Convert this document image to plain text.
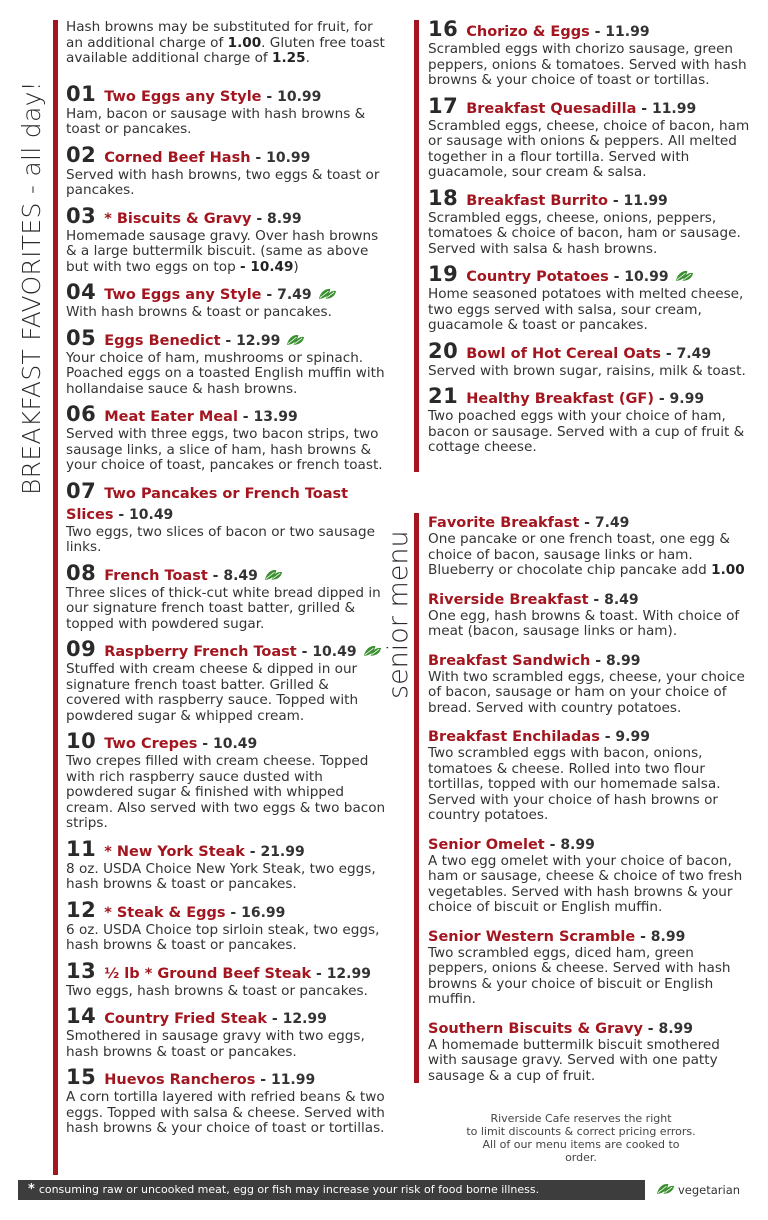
BREAKFAST FAVORITES - all day!
Hash browns may be substituted for fruit, for an additional charge of 1.00. Gluten free toast available additional charge of 1.25.
01 Two Eggs any Style - 10.99
Ham, bacon or sausage with hash browns & toast or pancakes.
02 Corned Beef Hash - 10.99
Served with hash browns, two eggs & toast or pancakes.
03 * Biscuits & Gravy - 8.99
Homemade sausage gravy. Over hash browns & a large buttermilk biscuit. (same as above but with two eggs on top - 10.49)
04 Two Eggs any Style - 7.49
With hash browns & toast or pancakes.
05 Eggs Benedict - 12.99
Your choice of ham, mushrooms or spinach. Poached eggs on a toasted English muffin with hollandaise sauce & hash browns.
06 Meat Eater Meal - 13.99
Served with three eggs, two bacon strips, two sausage links, a slice of ham, hash browns & your choice of toast, pancakes or french toast.
07 Two Pancakes or French Toast Slices - 10.49
Two eggs, two slices of bacon or two sausage links.
08 French Toast - 8.49
Three slices of thick-cut white bread dipped in our signature french toast batter, grilled & topped with powdered sugar.
09 Raspberry French Toast - 10.49
Stuffed with cream cheese & dipped in our signature french toast batter. Grilled & covered with raspberry sauce. Topped with powdered sugar & whipped cream.
10 Two Crepes - 10.49
Two crepes filled with cream cheese. Topped with rich raspberry sauce dusted with powdered sugar & finished with whipped cream. Also served with two eggs & two bacon strips.
11 * New York Steak - 21.99
8 oz. USDA Choice New York Steak, two eggs, hash browns & toast or pancakes.
12 * Steak & Eggs - 16.99
6 oz. USDA Choice top sirloin steak, two eggs, hash browns & toast or pancakes.
13 ½ lb * Ground Beef Steak - 12.99
Two eggs, hash browns & toast or pancakes.
14 Country Fried Steak - 12.99
Smothered in sausage gravy with two eggs, hash browns & toast or pancakes.
15 Huevos Rancheros - 11.99
A corn tortilla layered with refried beans & two eggs. Topped with salsa & cheese. Served with hash browns & your choice of toast or tortillas.
16 Chorizo & Eggs - 11.99
Scrambled eggs with chorizo sausage, green peppers, onions & tomatoes. Served with hash browns & your choice of toast or tortillas.
17 Breakfast Quesadilla - 11.99
Scrambled eggs, cheese, choice of bacon, ham or sausage with onions & peppers. All melted together in a flour tortilla. Served with guacamole, sour cream & salsa.
18 Breakfast Burrito - 11.99
Scrambled eggs, cheese, onions, peppers, tomatoes & choice of bacon, ham or sausage. Served with salsa & hash browns.
19 Country Potatoes - 10.99
Home seasoned potatoes with melted cheese, two eggs served with salsa, sour cream, guacamole & toast or pancakes.
20 Bowl of Hot Cereal Oats - 7.49
Served with brown sugar, raisins, milk & toast.
21 Healthy Breakfast (GF) - 9.99
Two poached eggs with your choice of ham, bacon or sausage. Served with a cup of fruit & cottage cheese.
senior menu
Favorite Breakfast - 7.49
One pancake or one french toast, one egg & choice of bacon, sausage links or ham. Blueberry or chocolate chip pancake add 1.00
Riverside Breakfast - 8.49
One egg, hash browns & toast. With choice of meat (bacon, sausage links or ham).
Breakfast Sandwich - 8.99
With two scrambled eggs, cheese, your choice of bacon, sausage or ham on your choice of bread. Served with country potatoes.
Breakfast Enchiladas - 9.99
Two scrambled eggs with bacon, onions, tomatoes & cheese. Rolled into two flour tortillas, topped with our homemade salsa. Served with your choice of hash browns or country potatoes.
Senior Omelet - 8.99
A two egg omelet with your choice of bacon, ham or sausage, cheese & choice of two fresh vegetables. Served with hash browns & your choice of biscuit or English muffin.
Senior Western Scramble - 8.99
Two scrambled eggs, diced ham, green peppers, onions & cheese. Served with hash browns & your choice of biscuit or English muffin.
Southern Biscuits & Gravy - 8.99
A homemade buttermilk biscuit smothered with sausage gravy. Served with one patty sausage & a cup of fruit.
Riverside Cafe reserves the right
to limit discounts & correct pricing errors.
All of our menu items are cooked to order.
* consuming raw or uncooked meat, egg or fish may increase your risk of food borne illness.	vegetarian
